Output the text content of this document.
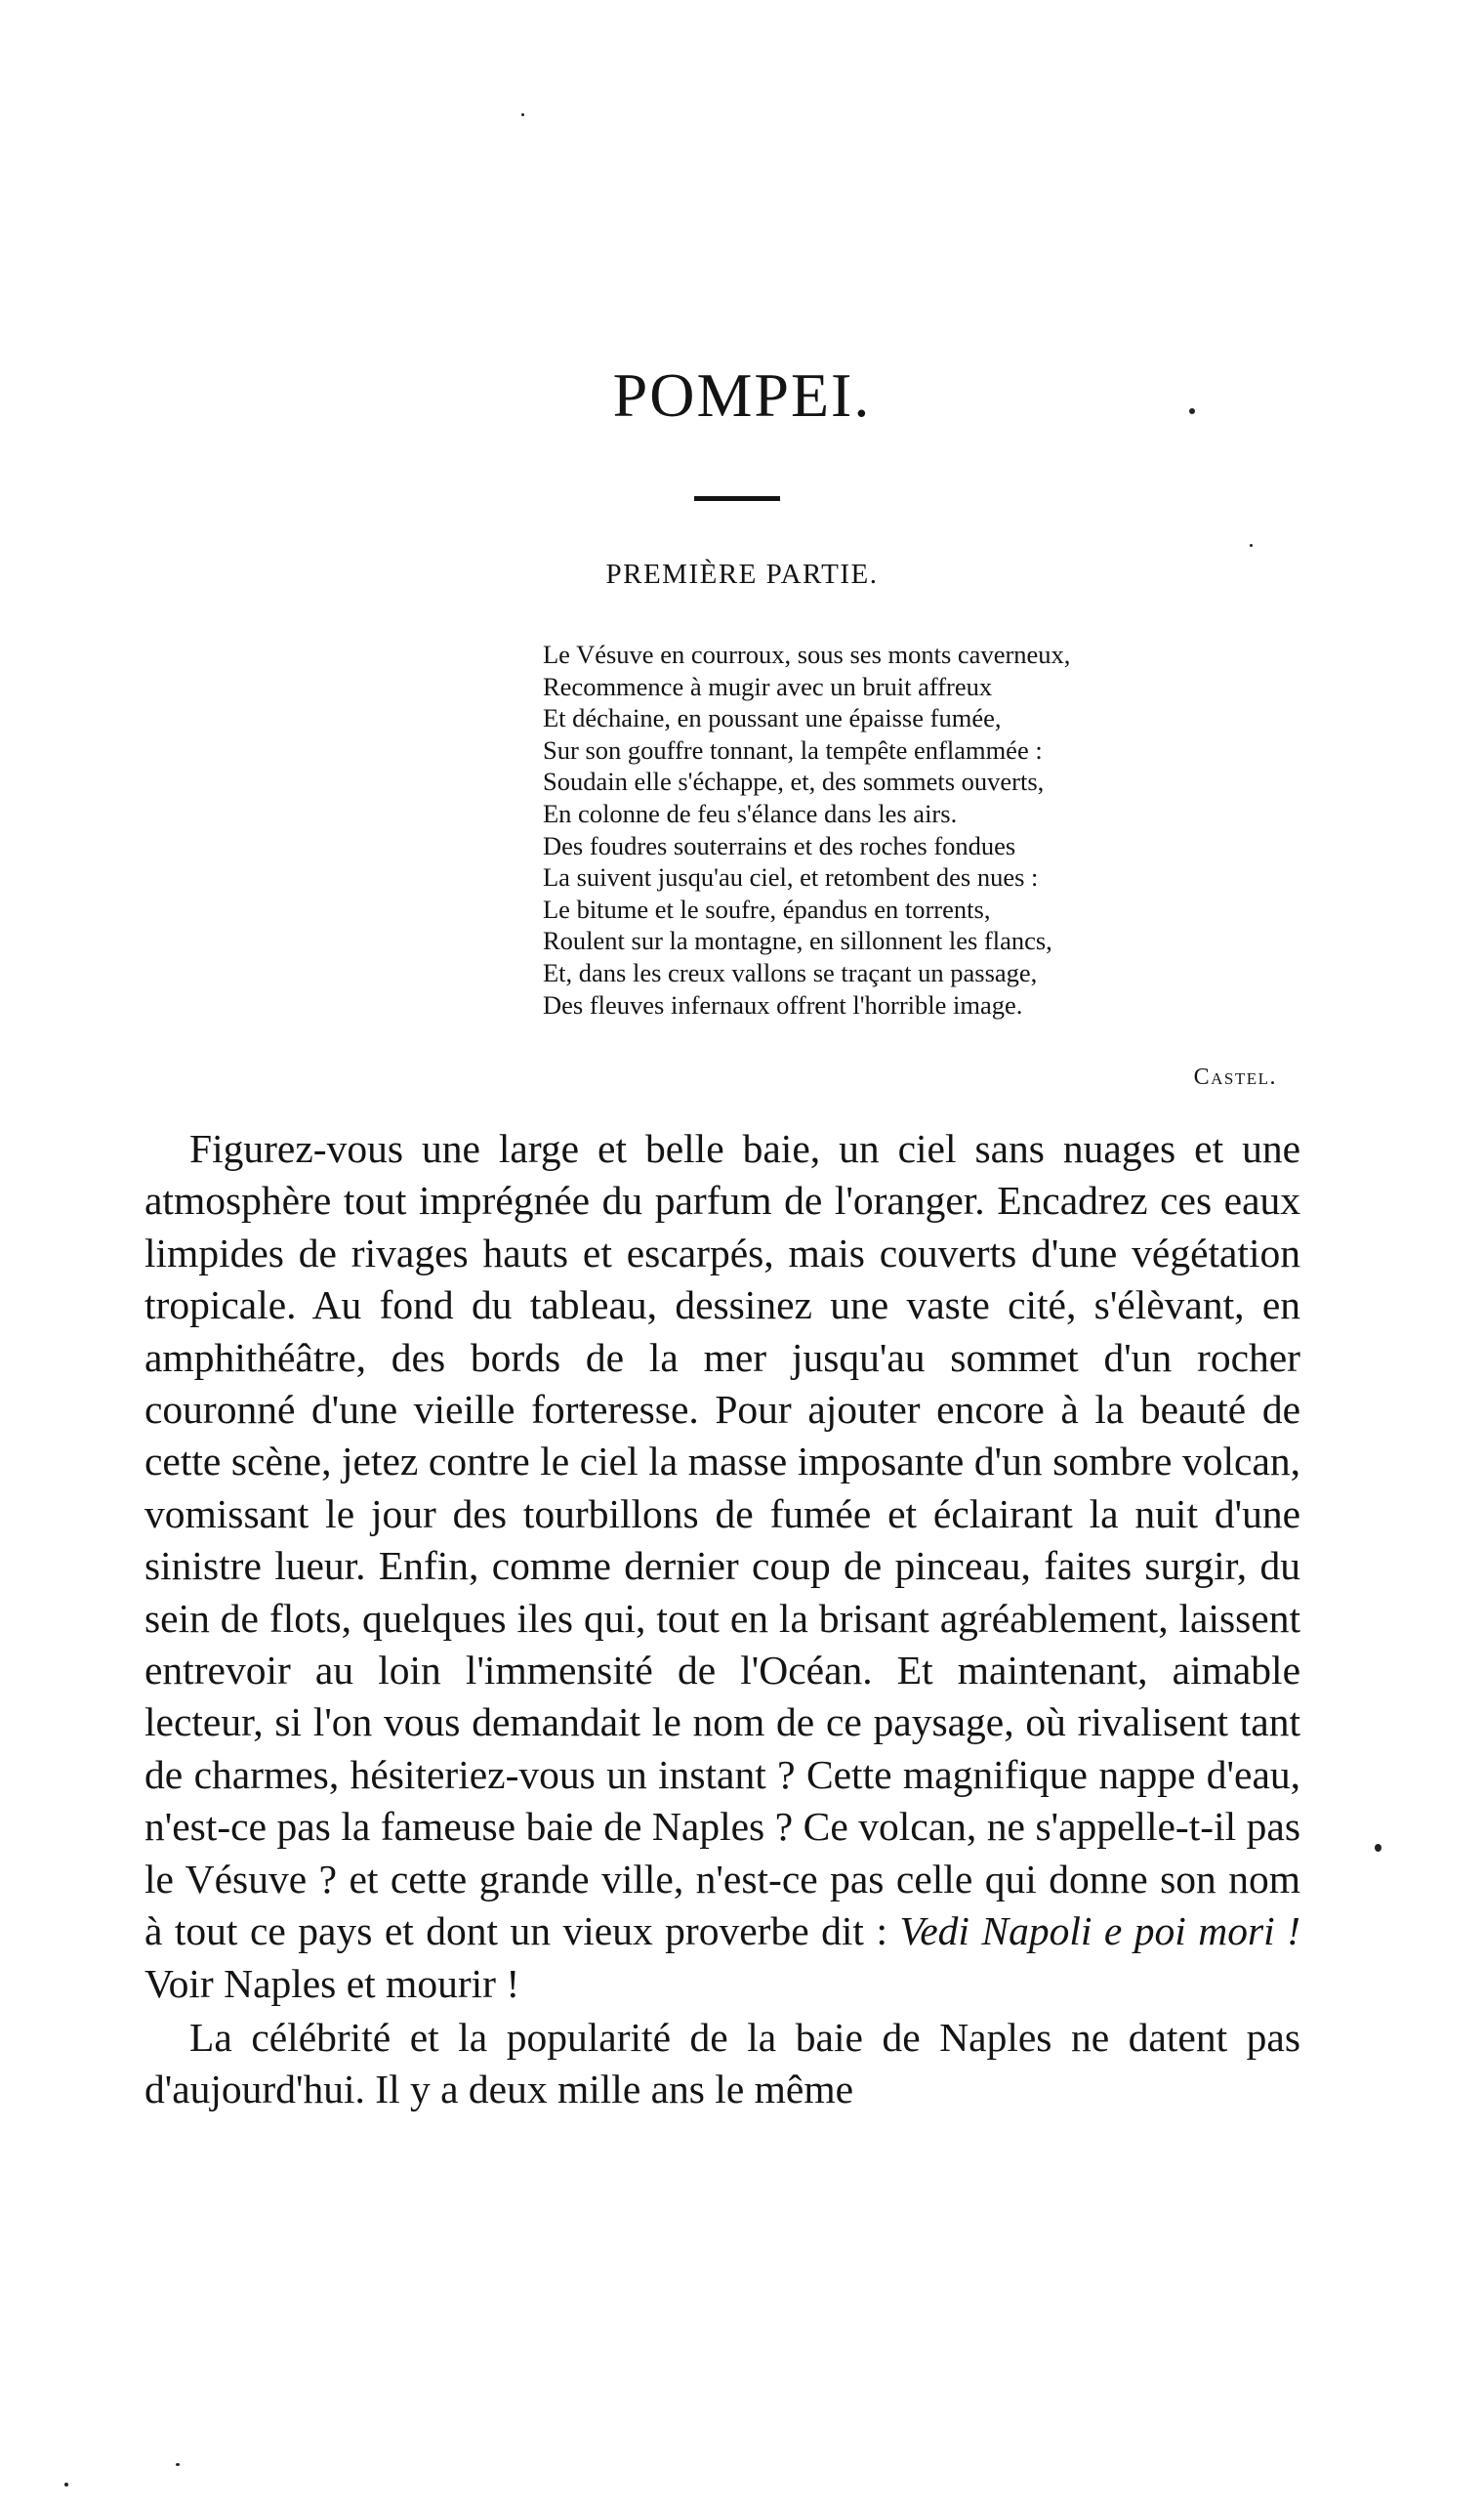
POMPEI.
PREMIÈRE PARTIE.
Le Vésuve en courroux, sous ses monts caverneux,
Recommence à mugir avec un bruit affreux
Et déchaine, en poussant une épaisse fumée,
Sur son gouffre tonnant, la tempête enflammée :
Soudain elle s'échappe, et, des sommets ouverts,
En colonne de feu s'élance dans les airs.
Des foudres souterrains et des roches fondues
La suivent jusqu'au ciel, et retombent des nues :
Le bitume et le soufre, épandus en torrents,
Roulent sur la montagne, en sillonnent les flancs,
Et, dans les creux vallons se traçant un passage,
Des fleuves infernaux offrent l'horrible image.
Castel.

Figurez-vous une large et belle baie, un ciel sans nuages et une atmosphère tout imprégnée du parfum de l'oranger. Encadrez ces eaux limpides de rivages hauts et escarpés, mais couverts d'une végétation tropicale. Au fond du tableau, dessinez une vaste cité, s'élèvant, en amphithéâtre, des bords de la mer jusqu'au sommet d'un rocher couronné d'une vieille forteresse. Pour ajouter encore à la beauté de cette scène, jetez contre le ciel la masse imposante d'un sombre volcan, vomissant le jour des tourbillons de fumée et éclairant la nuit d'une sinistre lueur. Enfin, comme dernier coup de pinceau, faites surgir, du sein de flots, quelques iles qui, tout en la brisant agréablement, laissent entrevoir au loin l'immensité de l'Océan. Et maintenant, aimable lecteur, si l'on vous demandait le nom de ce paysage, où rivalisent tant de charmes, hésiteriez-vous un instant ? Cette magnifique nappe d'eau, n'est-ce pas la fameuse baie de Naples ? Ce volcan, ne s'appelle-t-il pas le Vésuve ? et cette grande ville, n'est-ce pas celle qui donne son nom à tout ce pays et dont un vieux proverbe dit : Vedi Napoli e poi mori ! Voir Naples et mourir !

La célébrité et la popularité de la baie de Naples ne datent pas d'aujourd'hui. Il y a deux mille ans le même
